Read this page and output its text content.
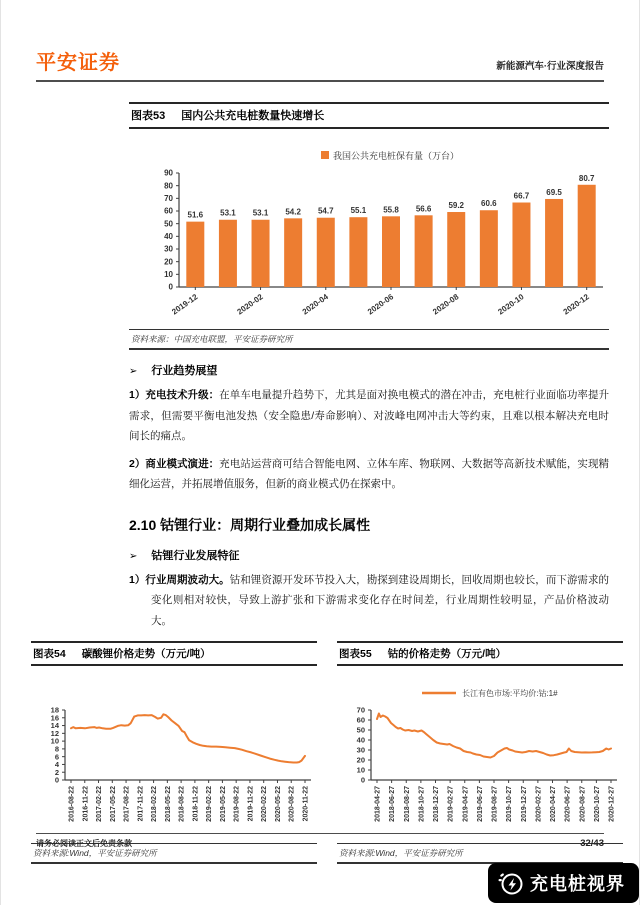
平安证券	新能源汽车·行业深度报告
图表53 国内公共充电桩数量快速增长
我国公共充电桩保有量（万台）
0
10
20
30
40
50
60
70
80
90
51.6 53.1 53.1 54.2 54.7 55.1 55.8 56.6 59.2 60.6
66.7 69.5
80.7
2019-12	2020-02	2020-04	2020-06	2020-08	2020-10	2020-12
资料来源：中国充电联盟，平安证券研究所
➢ 行业趋势展望

1）充电技术升级：在单车电量提升趋势下，尤其是面对换电模式的潜在冲击，充电桩行业面临功率提升需求，但需要平衡电池发热（安全隐患/寿命影响）、对波峰电网冲击大等约束，且难以根本解决充电时间长的痛点。

2）商业模式演进：充电站运营商可结合智能电网、立体车库、物联网、大数据等高新技术赋能，实现精细化运营，并拓展增值服务，但新的商业模式仍在探索中。

2.10 钴锂行业：周期行业叠加成长属性
➢ 钴锂行业发展特征

1）行业周期波动大。钴和锂资源开发环节投入大，勘探到建设周期长，回收周期也较长，而下游需求的变化则相对较快，导致上游扩张和下游需求变化存在时间差，行业周期性较明显，产品价格波动大。

图表54 碳酸锂价格走势（万元/吨）
0
2
4
6
8
10
12
14
16
18
2016-08-22 2016-11-22 2017-02-22 2017-05-22 2017-08-22 2017-11-22 2018-02-22 2018-05-22 2018-08-22 2018-11-22 2019-02-22 2019-05-22 2019-08-22 2019-11-22 2020-02-22 2020-05-22 2020-08-22 2020-11-22
资料来源:Wind，平安证券研究所
图表55 钴的价格走势（万元/吨）
长江有色市场:平均价:钴:1#
0
10
20
30
40
50
60
70
2018-04-27 2018-06-27 2018-08-27 2018-10-27 2018-12-27 2019-02-27 2019-04-27 2019-06-27 2019-08-27 2019-10-27 2019-12-27 2020-02-27 2020-04-27 2020-06-27 2020-08-27 2020-10-27 2020-12-27
资料来源:Wind，平安证券研究所
请务必阅读正文后免责条款	32/43
充电桩视界
